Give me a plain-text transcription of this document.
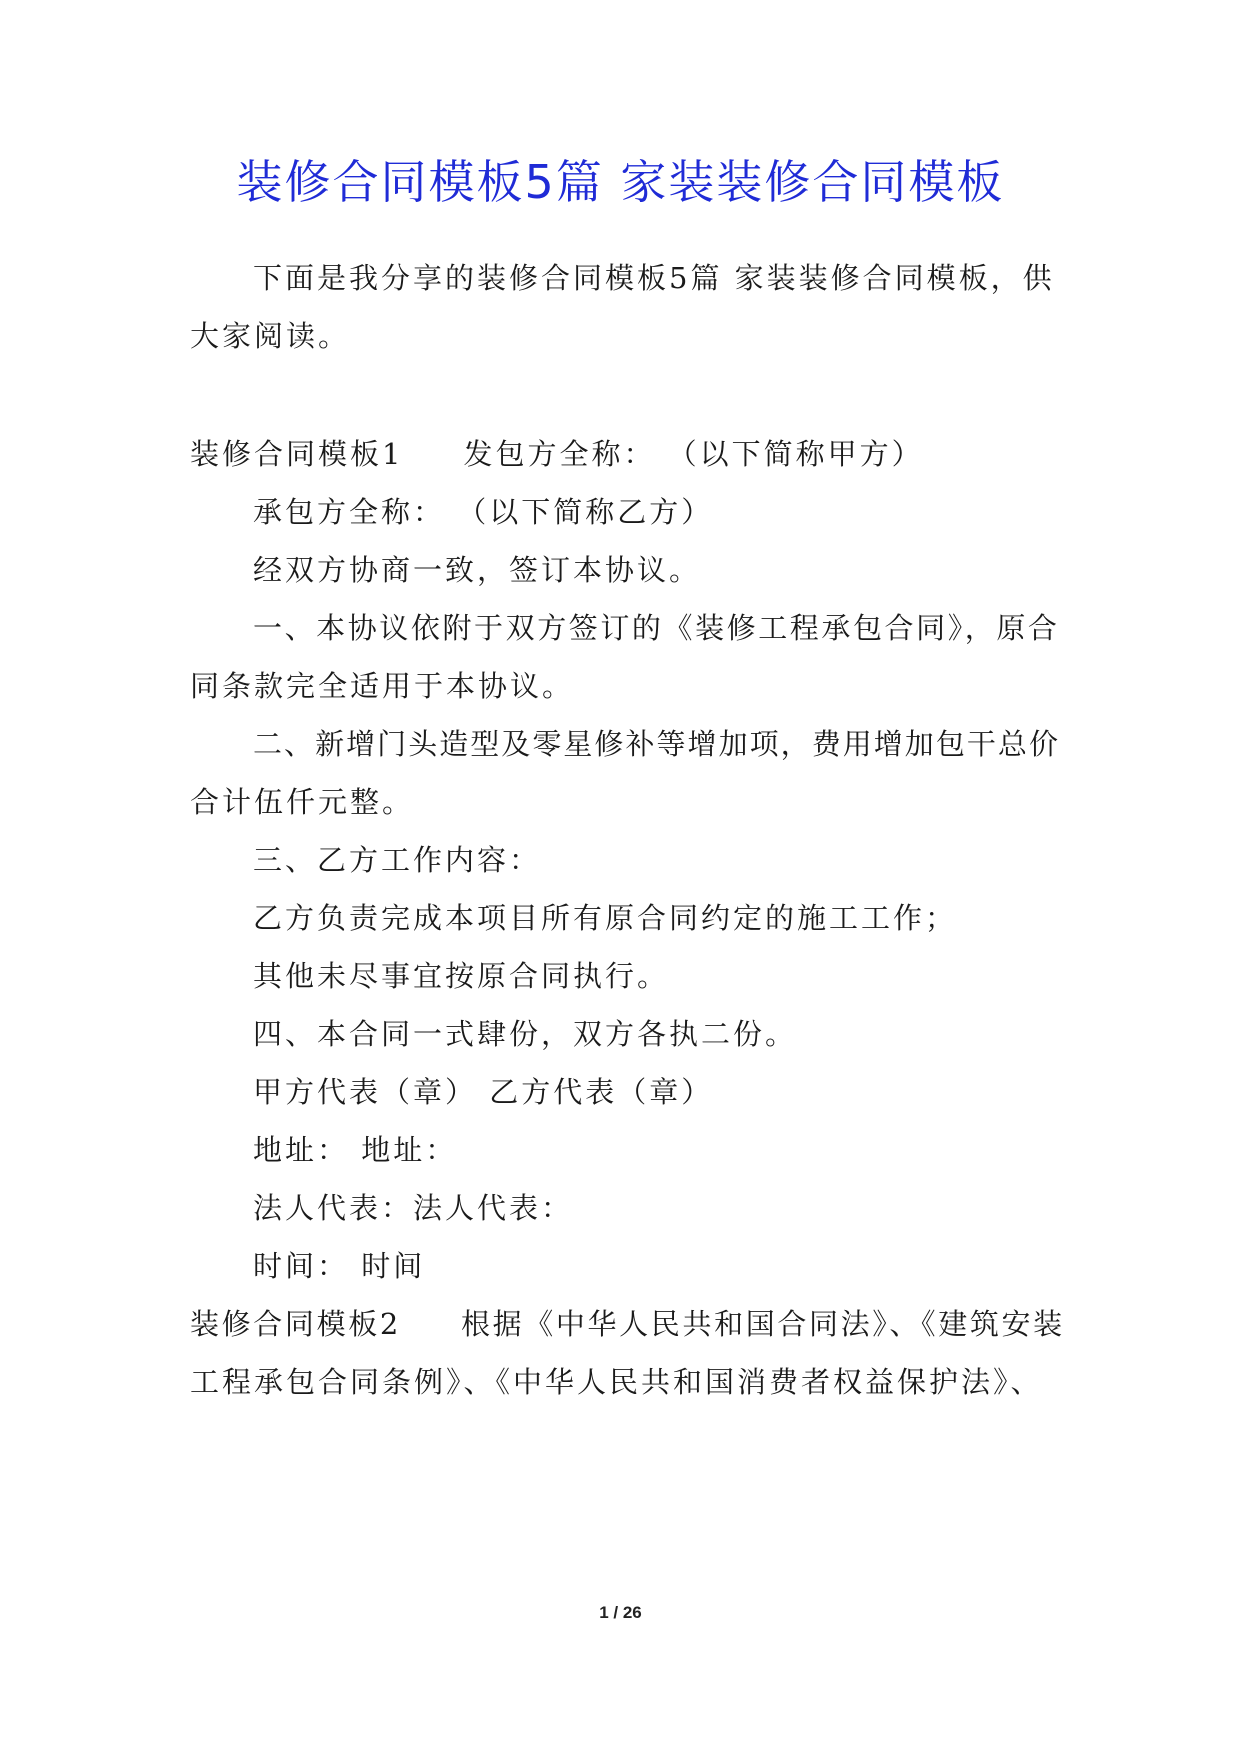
装修合同模板5篇 家装装修合同模板
下面是我分享的装修合同模板5篇 家装装修合同模板，供
大家阅读。
装修合同模板1 发包方全称： （以下简称甲方）
承包方全称： （以下简称乙方）
经双方协商一致，签订本协议。
一、本协议依附于双方签订的《装修工程承包合同》，原合
同条款完全适用于本协议。
二、新增门头造型及零星修补等增加项，费用增加包干总价
合计伍仟元整。
三、乙方工作内容：
乙方负责完成本项目所有原合同约定的施工工作；
其他未尽事宜按原合同执行。
四、本合同一式肆份，双方各执二份。
甲方代表（章） 乙方代表（章）
地址： 地址：
法人代表：法人代表：
时间： 时间
装修合同模板2 根据《中华人民共和国合同法》、《建筑安装
工程承包合同条例》、《中华人民共和国消费者权益保护法》、
1 / 26
